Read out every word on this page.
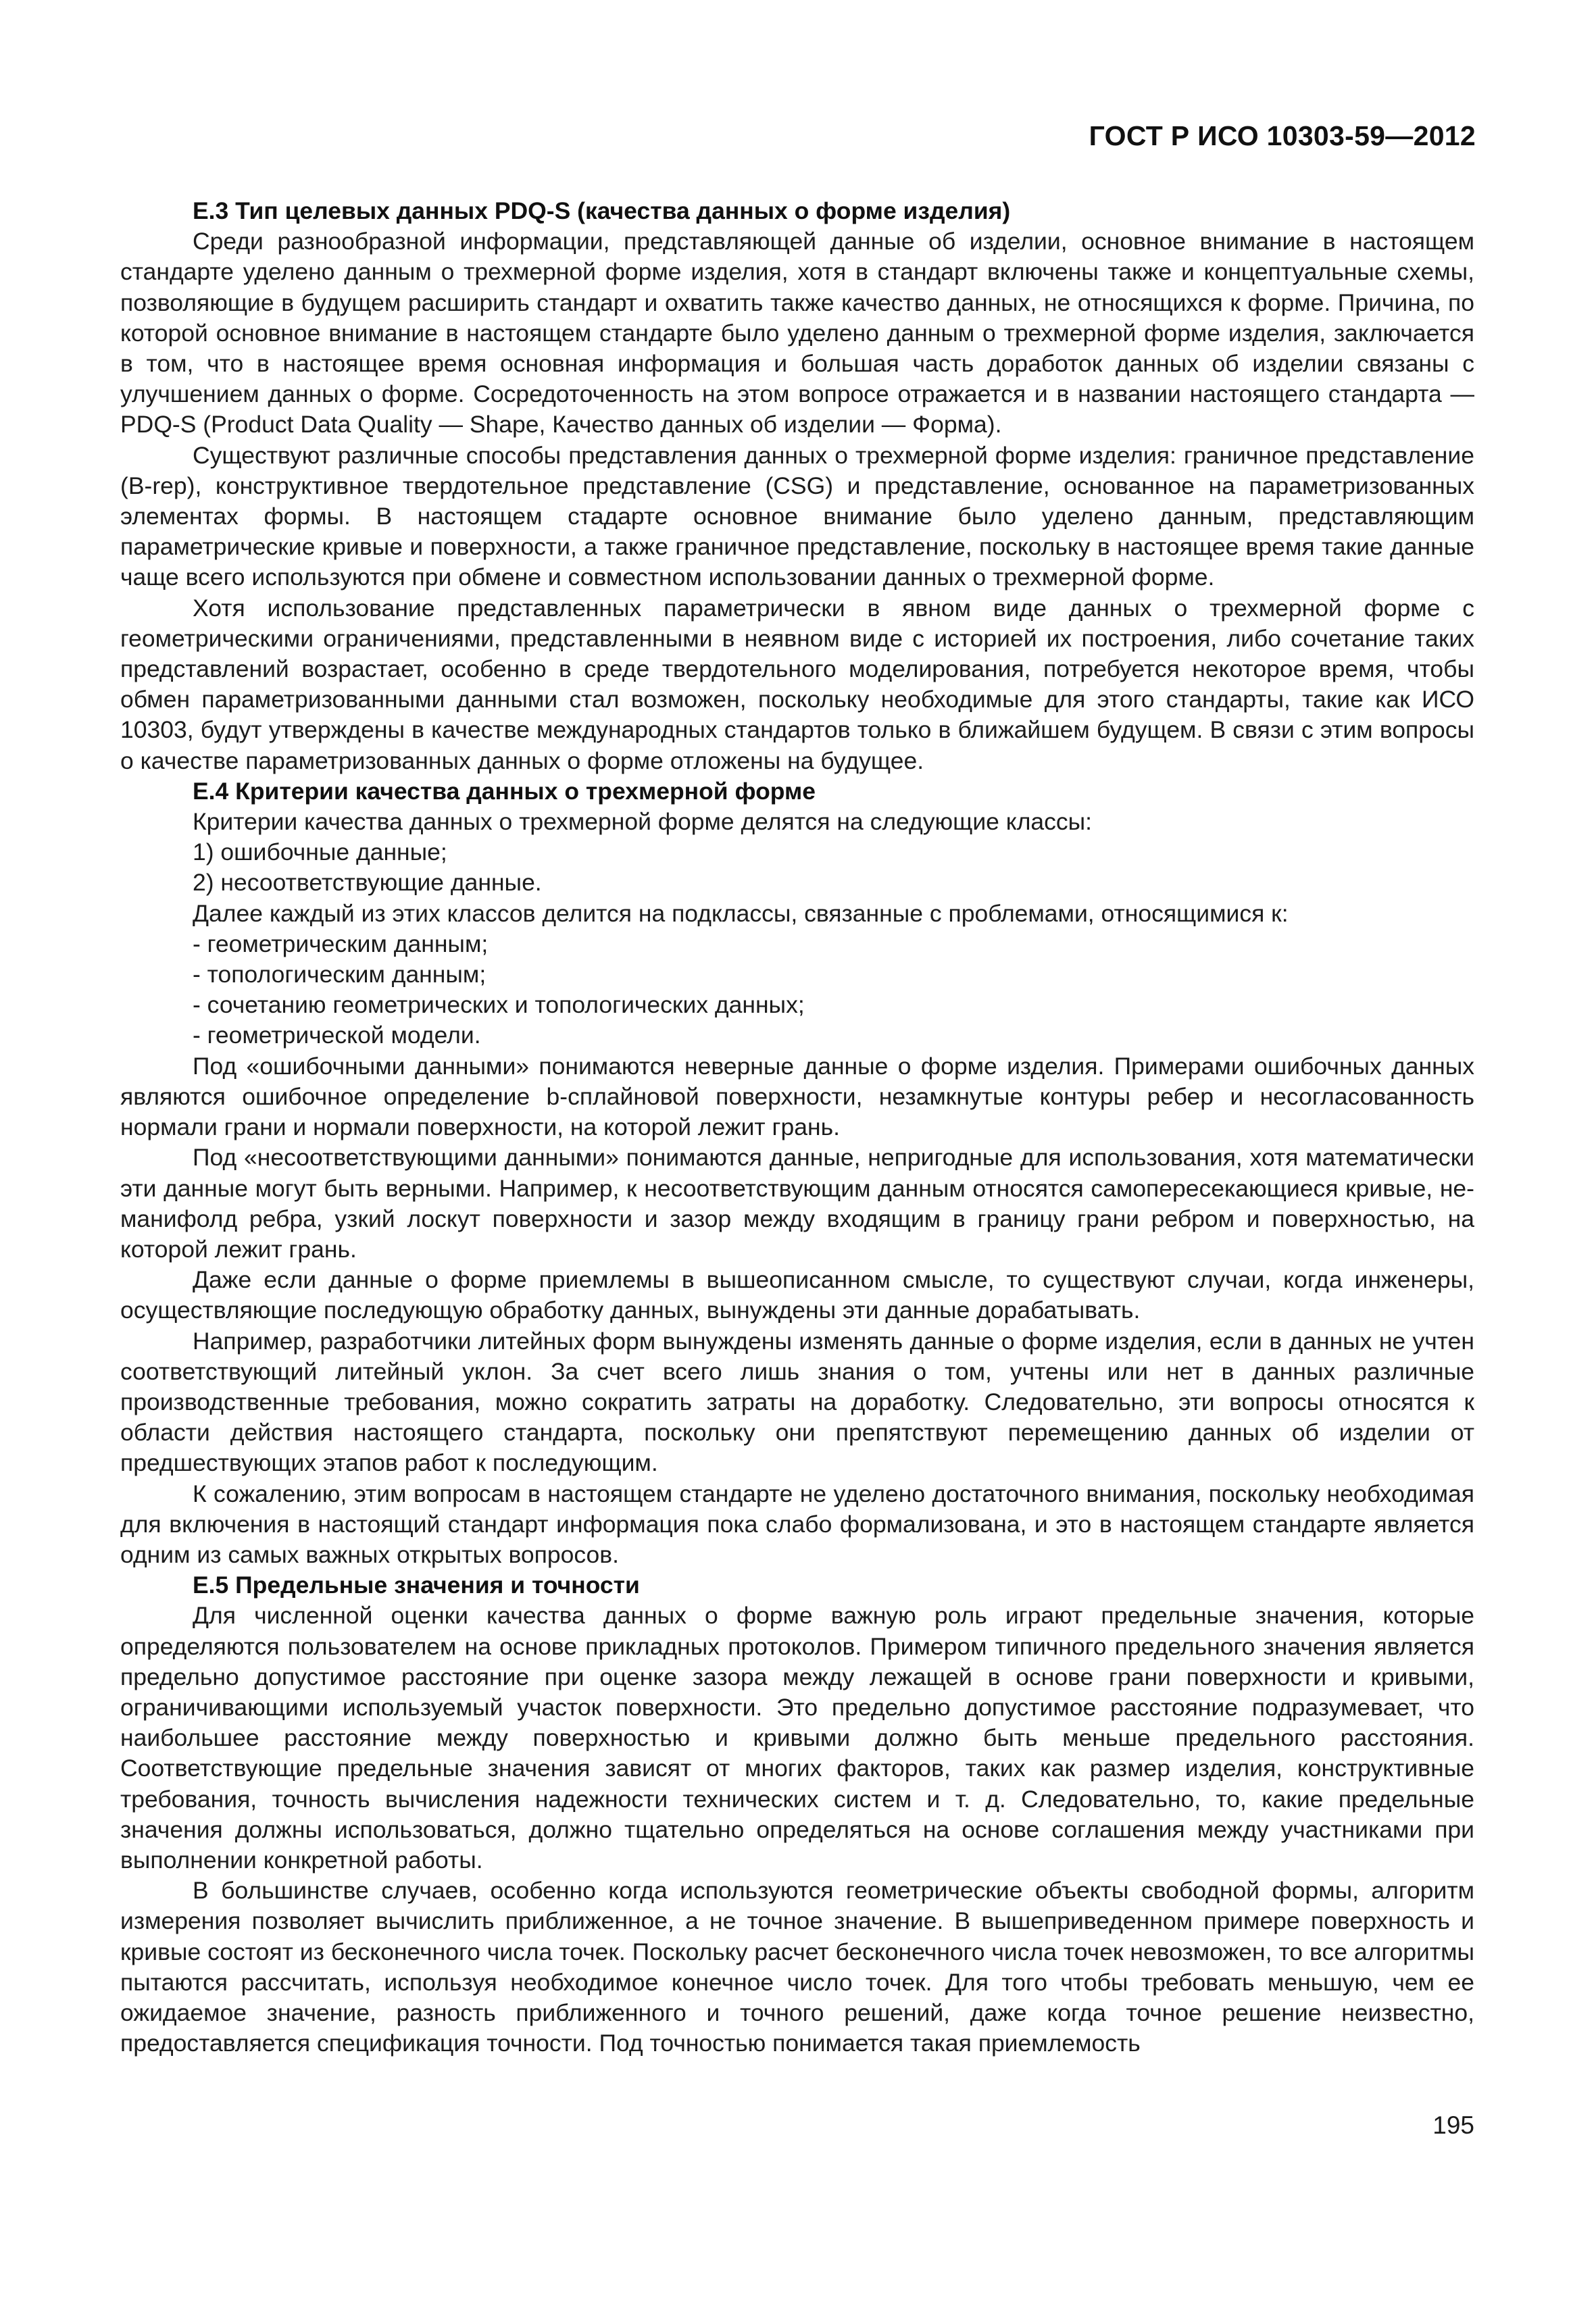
ГОСТ Р ИСО 10303-59—2012
Е.3 Тип целевых данных PDQ-S (качества данных о форме изделия)

Среди разнообразной информации, представляющей данные об изделии, основное внимание в настоящем стандарте уделено данным о трехмерной форме изделия, хотя в стандарт включены также и концептуальные схемы, позволяющие в будущем расширить стандарт и охватить также качество данных, не относящихся к форме. Причина, по которой основное внимание в настоящем стандарте было уделено данным о трехмерной форме изделия, заключается в том, что в настоящее время основная информация и большая часть доработок данных об изделии связаны с улучшением данных о форме. Сосредоточенность на этом вопросе отражается и в названии настоящего стандарта — PDQ-S (Product Data Quality — Shape, Качество данных об изделии — Форма).

Существуют различные способы представления данных о трехмерной форме изделия: граничное представление (B-rep), конструктивное твердотельное представление (CSG) и представление, основанное на параметризованных элементах формы. В настоящем стадарте основное внимание было уделено данным, представляющим параметрические кривые и поверхности, а также граничное представление, поскольку в настоящее время такие данные чаще всего используются при обмене и совместном использовании данных о трехмерной форме.

Хотя использование представленных параметрически в явном виде данных о трехмерной форме с геометрическими ограничениями, представленными в неявном виде с историей их построения, либо сочетание таких представлений возрастает, особенно в среде твердотельного моделирования, потребуется некоторое время, чтобы обмен параметризованными данными стал возможен, поскольку необходимые для этого стандарты, такие как ИСО 10303, будут утверждены в качестве международных стандартов только в ближайшем будущем. В связи с этим вопросы о качестве параметризованных данных о форме отложены на будущее.

Е.4 Критерии качества данных о трехмерной форме

Критерии качества данных о трехмерной форме делятся на следующие классы:

1) ошибочные данные;
2) несоответствующие данные.

Далее каждый из этих классов делится на подклассы, связанные с проблемами, относящимися к:

- геометрическим данным;
- топологическим данным;
- сочетанию геометрических и топологических данных;
- геометрической модели.

Под «ошибочными данными» понимаются неверные данные о форме изделия. Примерами ошибочных данных являются ошибочное определение b-сплайновой поверхности, незамкнутые контуры ребер и несогласованность нормали грани и нормали поверхности, на которой лежит грань.

Под «несоответствующими данными» понимаются данные, непригодные для использования, хотя математически эти данные могут быть верными. Например, к несоответствующим данным относятся самопересекающиеся кривые, не-манифолд ребра, узкий лоскут поверхности и зазор между входящим в границу грани ребром и поверхностью, на которой лежит грань.

Даже если данные о форме приемлемы в вышеописанном смысле, то существуют случаи, когда инженеры, осуществляющие последующую обработку данных, вынуждены эти данные дорабатывать.

Например, разработчики литейных форм вынуждены изменять данные о форме изделия, если в данных не учтен соответствующий литейный уклон. За счет всего лишь знания о том, учтены или нет в данных различные производственные требования, можно сократить затраты на доработку. Следовательно, эти вопросы относятся к области действия настоящего стандарта, поскольку они препятствуют перемещению данных об изделии от предшествующих этапов работ к последующим.

К сожалению, этим вопросам в настоящем стандарте не уделено достаточного внимания, поскольку необходимая для включения в настоящий стандарт информация пока слабо формализована, и это в настоящем стандарте является одним из самых важных открытых вопросов.

Е.5 Предельные значения и точности

Для численной оценки качества данных о форме важную роль играют предельные значения, которые определяются пользователем на основе прикладных протоколов. Примером типичного предельного значения является предельно допустимое расстояние при оценке зазора между лежащей в основе грани поверхности и кривыми, ограничивающими используемый участок поверхности. Это предельно допустимое расстояние подразумевает, что наибольшее расстояние между поверхностью и кривыми должно быть меньше предельного расстояния. Соответствующие предельные значения зависят от многих факторов, таких как размер изделия, конструктивные требования, точность вычисления надежности технических систем и т. д. Следовательно, то, какие предельные значения должны использоваться, должно тщательно определяться на основе соглашения между участниками при выполнении конкретной работы.

В большинстве случаев, особенно когда используются геометрические объекты свободной формы, алгоритм измерения позволяет вычислить приближенное, а не точное значение. В вышеприведенном примере поверхность и кривые состоят из бесконечного числа точек. Поскольку расчет бесконечного числа точек невозможен, то все алгоритмы пытаются рассчитать, используя необходимое конечное число точек. Для того чтобы требовать меньшую, чем ее ожидаемое значение, разность приближенного и точного решений, даже когда точное решение неизвестно, предоставляется спецификация точности. Под точностью понимается такая приемлемость

195
